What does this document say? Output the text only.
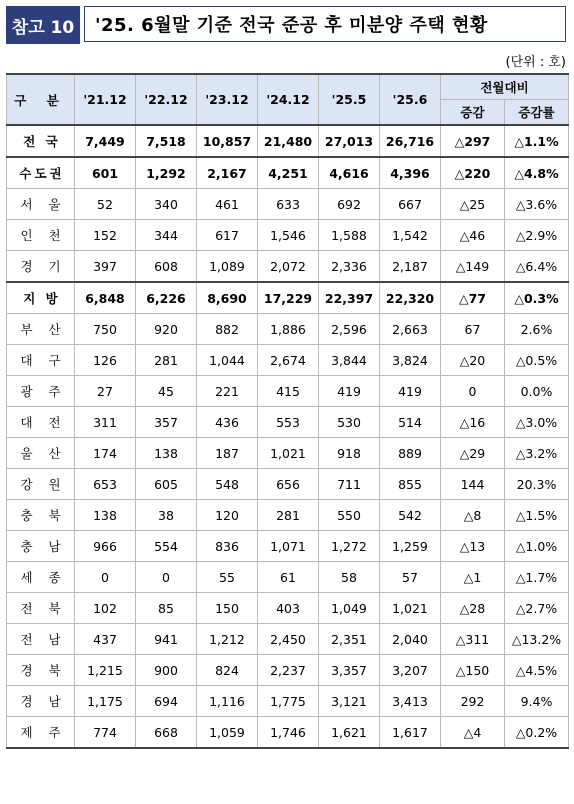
참고 10	'25. 6월말 기준 전국 준공 후 미분양 주택 현황
(단위 : 호)
구 분	'21.12	'22.12	'23.12	'24.12	'25.5	'25.6	전월대비	
							증감	증감률
전 국	7,449	7,518	10,857	21,480	27,013	26,716	△297	△1.1%
수도권	601	1,292	2,167	4,251	4,616	4,396	△220	△4.8%
서 울	52	340	461	633	692	667	△25	△3.6%
인 천	152	344	617	1,546	1,588	1,542	△46	△2.9%
경 기	397	608	1,089	2,072	2,336	2,187	△149	△6.4%
지 방	6,848	6,226	8,690	17,229	22,397	22,320	△77	△0.3%
부 산	750	920	882	1,886	2,596	2,663	67	2.6%
대 구	126	281	1,044	2,674	3,844	3,824	△20	△0.5%
광 주	27	45	221	415	419	419	0	0.0%
대 전	311	357	436	553	530	514	△16	△3.0%
울 산	174	138	187	1,021	918	889	△29	△3.2%
강 원	653	605	548	656	711	855	144	20.3%
충 북	138	38	120	281	550	542	△8	△1.5%
충 남	966	554	836	1,071	1,272	1,259	△13	△1.0%
세 종	0	0	55	61	58	57	△1	△1.7%
전 북	102	85	150	403	1,049	1,021	△28	△2.7%
전 남	437	941	1,212	2,450	2,351	2,040	△311	△13.2%
경 북	1,215	900	824	2,237	3,357	3,207	△150	△4.5%
경 남	1,175	694	1,116	1,775	3,121	3,413	292	9.4%
제 주	774	668	1,059	1,746	1,621	1,617	△4	△0.2%
